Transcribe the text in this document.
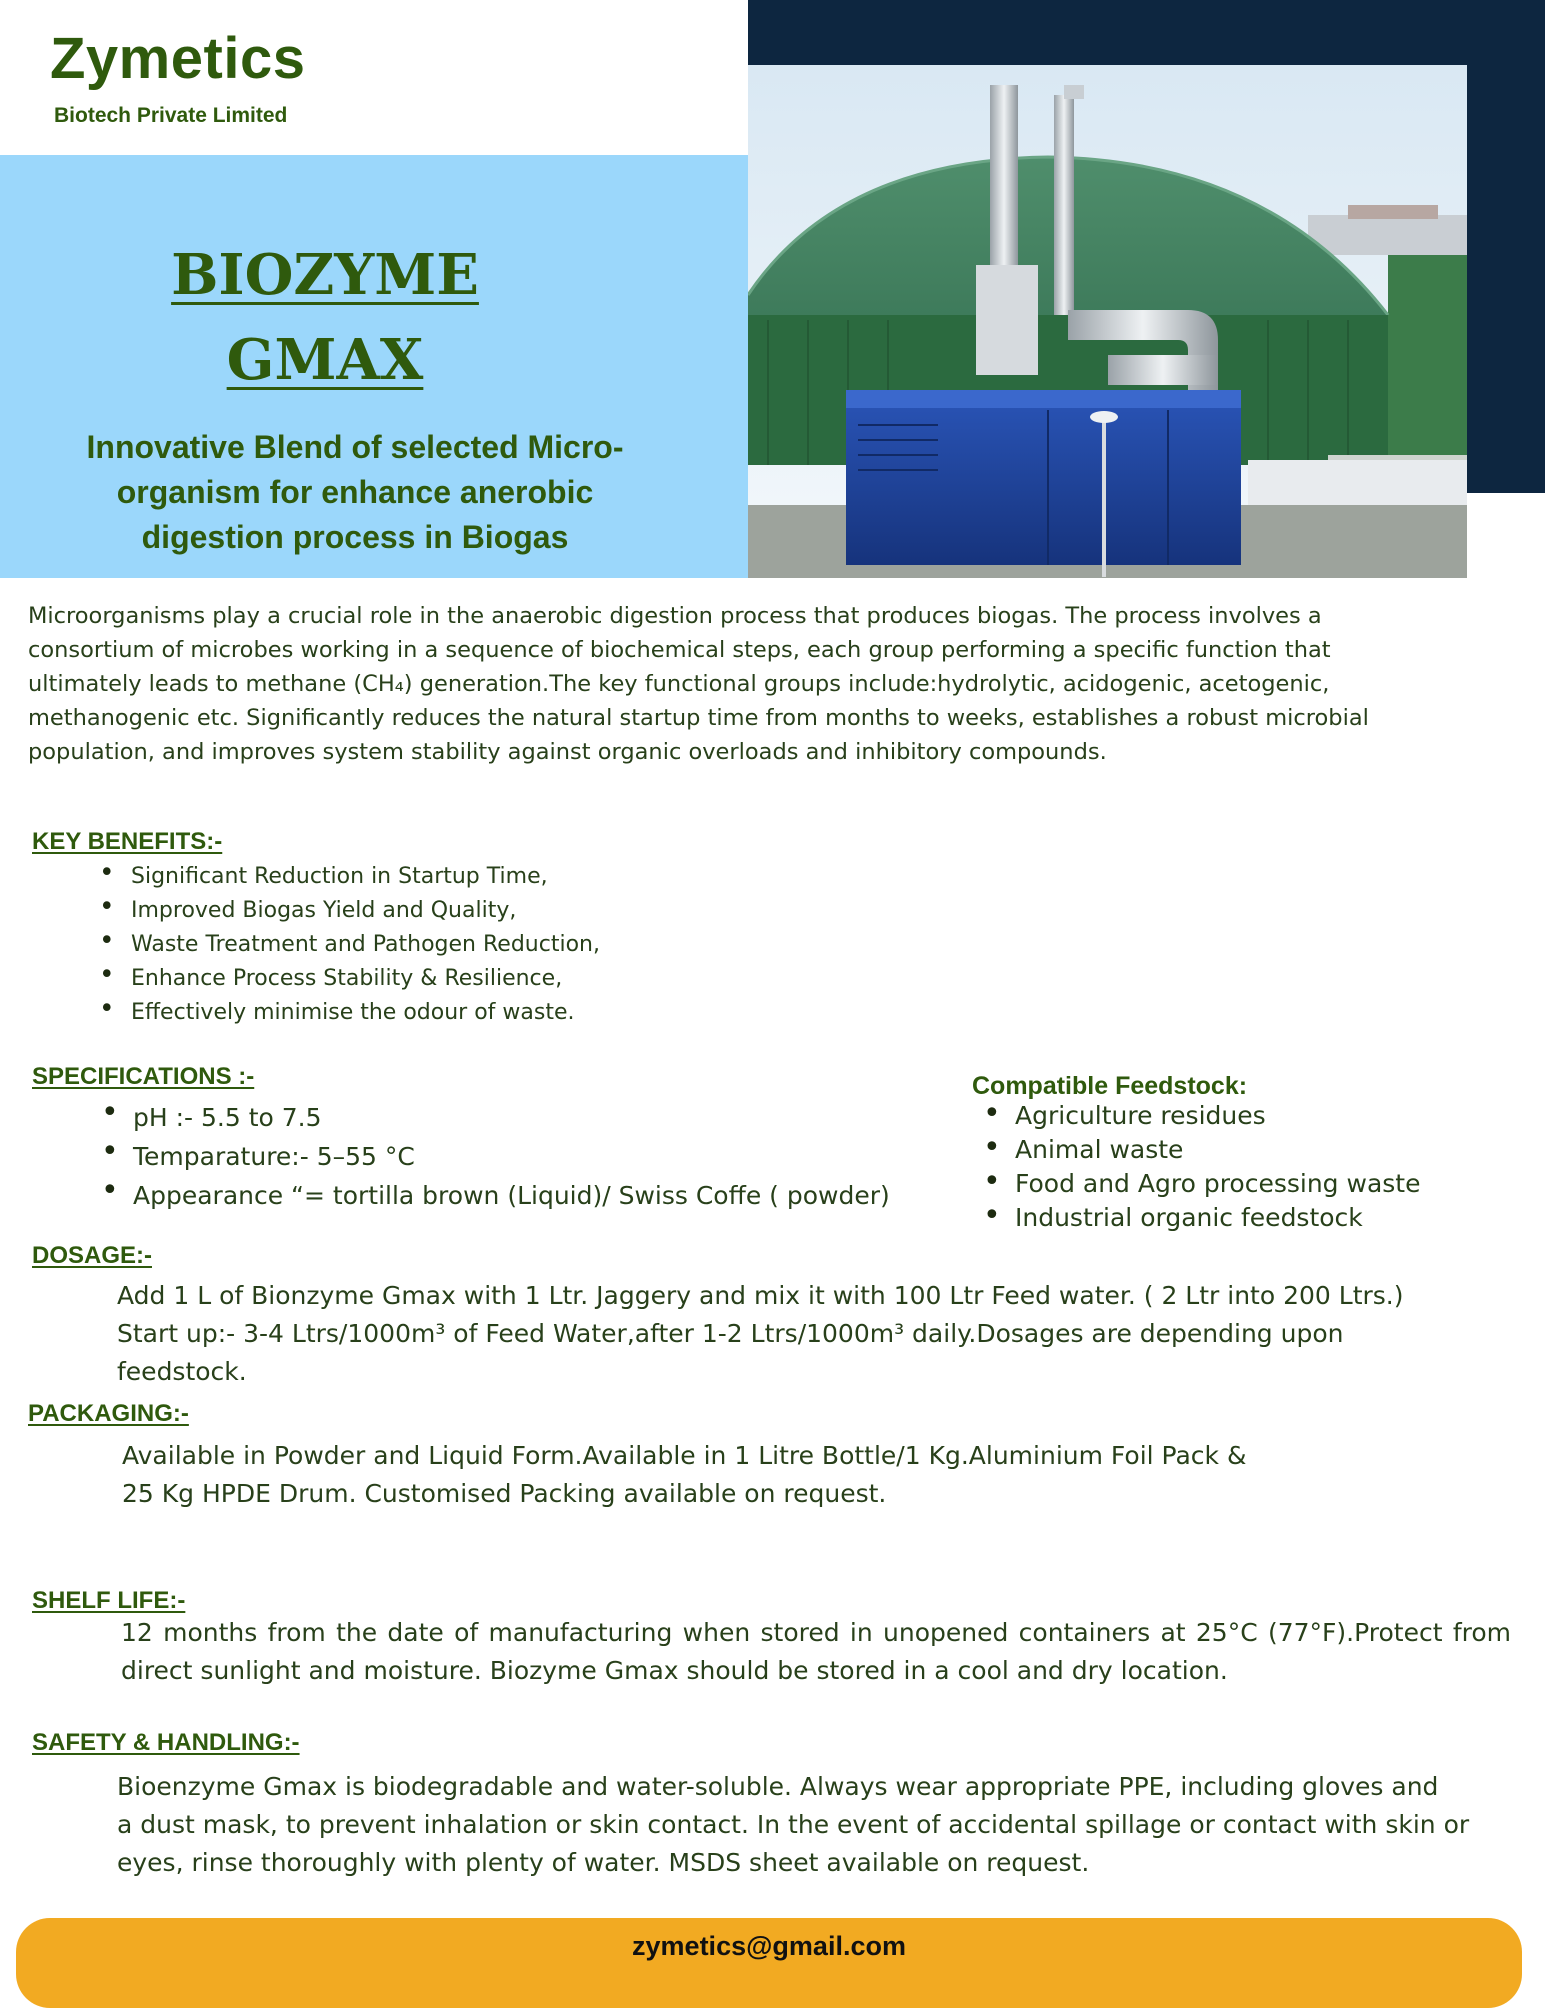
Zymetics
Biotech Private Limited
BIOZYME
GMAX
Innovative Blend of selected Micro-
organism for enhance anerobic
digestion process in Biogas
Microorganisms play a crucial role in the anaerobic digestion process that produces biogas. The process involves a
consortium of microbes working in a sequence of biochemical steps, each group performing a specific function that
ultimately leads to methane (CH₄) generation.The key functional groups include:hydrolytic, acidogenic, acetogenic,
methanogenic etc. Significantly reduces the natural startup time from months to weeks, establishes a robust microbial
population, and improves system stability against organic overloads and inhibitory compounds.
KEY BENEFITS:-
• Significant Reduction in Startup Time,
• Improved Biogas Yield and Quality,
• Waste Treatment and Pathogen Reduction,
• Enhance Process Stability & Resilience,
• Effectively minimise the odour of waste.
SPECIFICATIONS :-
• pH :- 5.5 to 7.5
• Temparature:- 5–55 °C
• Appearance “= tortilla brown (Liquid)/ Swiss Coffe ( powder)
Compatible Feedstock:
• Agriculture residues
• Animal waste
• Food and Agro processing waste
• Industrial organic feedstock
DOSAGE:-
Add 1 L of Bionzyme Gmax with 1 Ltr. Jaggery and mix it with 100 Ltr Feed water. ( 2 Ltr into 200 Ltrs.)
Start up:- 3-4 Ltrs/1000m³ of Feed Water,after 1-2 Ltrs/1000m³ daily.Dosages are depending upon
feedstock.
PACKAGING:-
Available in Powder and Liquid Form.Available in 1 Litre Bottle/1 Kg.Aluminium Foil Pack &
25 Kg HPDE Drum. Customised Packing available on request.
SHELF LIFE:-
12 months from the date of manufacturing when stored in unopened containers at 25°C (77°F).Protect from
direct sunlight and moisture. Biozyme Gmax should be stored in a cool and dry location.
SAFETY & HANDLING:-
Bioenzyme Gmax is biodegradable and water-soluble. Always wear appropriate PPE, including gloves and
a dust mask, to prevent inhalation or skin contact. In the event of accidental spillage or contact with skin or
eyes, rinse thoroughly with plenty of water. MSDS sheet available on request.
zymetics@gmail.com
